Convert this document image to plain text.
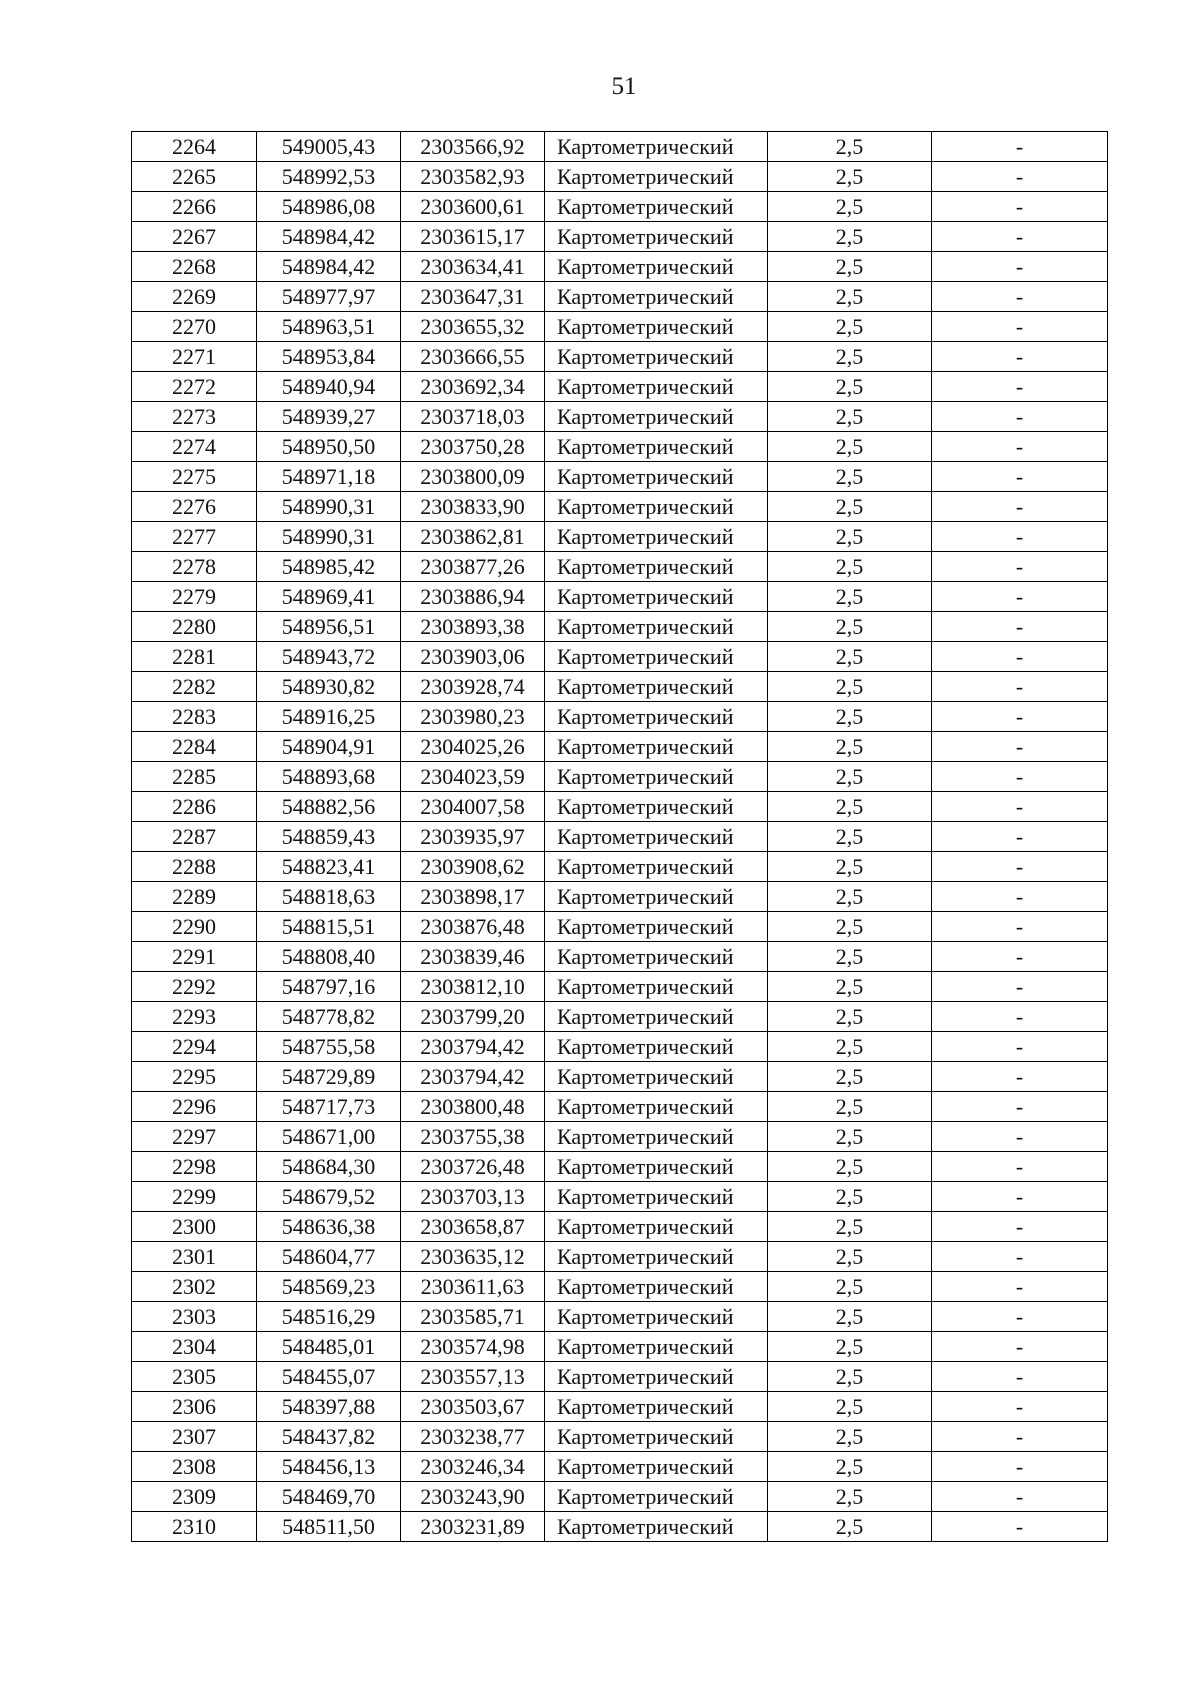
51
2264	549005,43	2303566,92	Картометрический	2,5	-
2265	548992,53	2303582,93	Картометрический	2,5	-
2266	548986,08	2303600,61	Картометрический	2,5	-
2267	548984,42	2303615,17	Картометрический	2,5	-
2268	548984,42	2303634,41	Картометрический	2,5	-
2269	548977,97	2303647,31	Картометрический	2,5	-
2270	548963,51	2303655,32	Картометрический	2,5	-
2271	548953,84	2303666,55	Картометрический	2,5	-
2272	548940,94	2303692,34	Картометрический	2,5	-
2273	548939,27	2303718,03	Картометрический	2,5	-
2274	548950,50	2303750,28	Картометрический	2,5	-
2275	548971,18	2303800,09	Картометрический	2,5	-
2276	548990,31	2303833,90	Картометрический	2,5	-
2277	548990,31	2303862,81	Картометрический	2,5	-
2278	548985,42	2303877,26	Картометрический	2,5	-
2279	548969,41	2303886,94	Картометрический	2,5	-
2280	548956,51	2303893,38	Картометрический	2,5	-
2281	548943,72	2303903,06	Картометрический	2,5	-
2282	548930,82	2303928,74	Картометрический	2,5	-
2283	548916,25	2303980,23	Картометрический	2,5	-
2284	548904,91	2304025,26	Картометрический	2,5	-
2285	548893,68	2304023,59	Картометрический	2,5	-
2286	548882,56	2304007,58	Картометрический	2,5	-
2287	548859,43	2303935,97	Картометрический	2,5	-
2288	548823,41	2303908,62	Картометрический	2,5	-
2289	548818,63	2303898,17	Картометрический	2,5	-
2290	548815,51	2303876,48	Картометрический	2,5	-
2291	548808,40	2303839,46	Картометрический	2,5	-
2292	548797,16	2303812,10	Картометрический	2,5	-
2293	548778,82	2303799,20	Картометрический	2,5	-
2294	548755,58	2303794,42	Картометрический	2,5	-
2295	548729,89	2303794,42	Картометрический	2,5	-
2296	548717,73	2303800,48	Картометрический	2,5	-
2297	548671,00	2303755,38	Картометрический	2,5	-
2298	548684,30	2303726,48	Картометрический	2,5	-
2299	548679,52	2303703,13	Картометрический	2,5	-
2300	548636,38	2303658,87	Картометрический	2,5	-
2301	548604,77	2303635,12	Картометрический	2,5	-
2302	548569,23	2303611,63	Картометрический	2,5	-
2303	548516,29	2303585,71	Картометрический	2,5	-
2304	548485,01	2303574,98	Картометрический	2,5	-
2305	548455,07	2303557,13	Картометрический	2,5	-
2306	548397,88	2303503,67	Картометрический	2,5	-
2307	548437,82	2303238,77	Картометрический	2,5	-
2308	548456,13	2303246,34	Картометрический	2,5	-
2309	548469,70	2303243,90	Картометрический	2,5	-
2310	548511,50	2303231,89	Картометрический	2,5	-
